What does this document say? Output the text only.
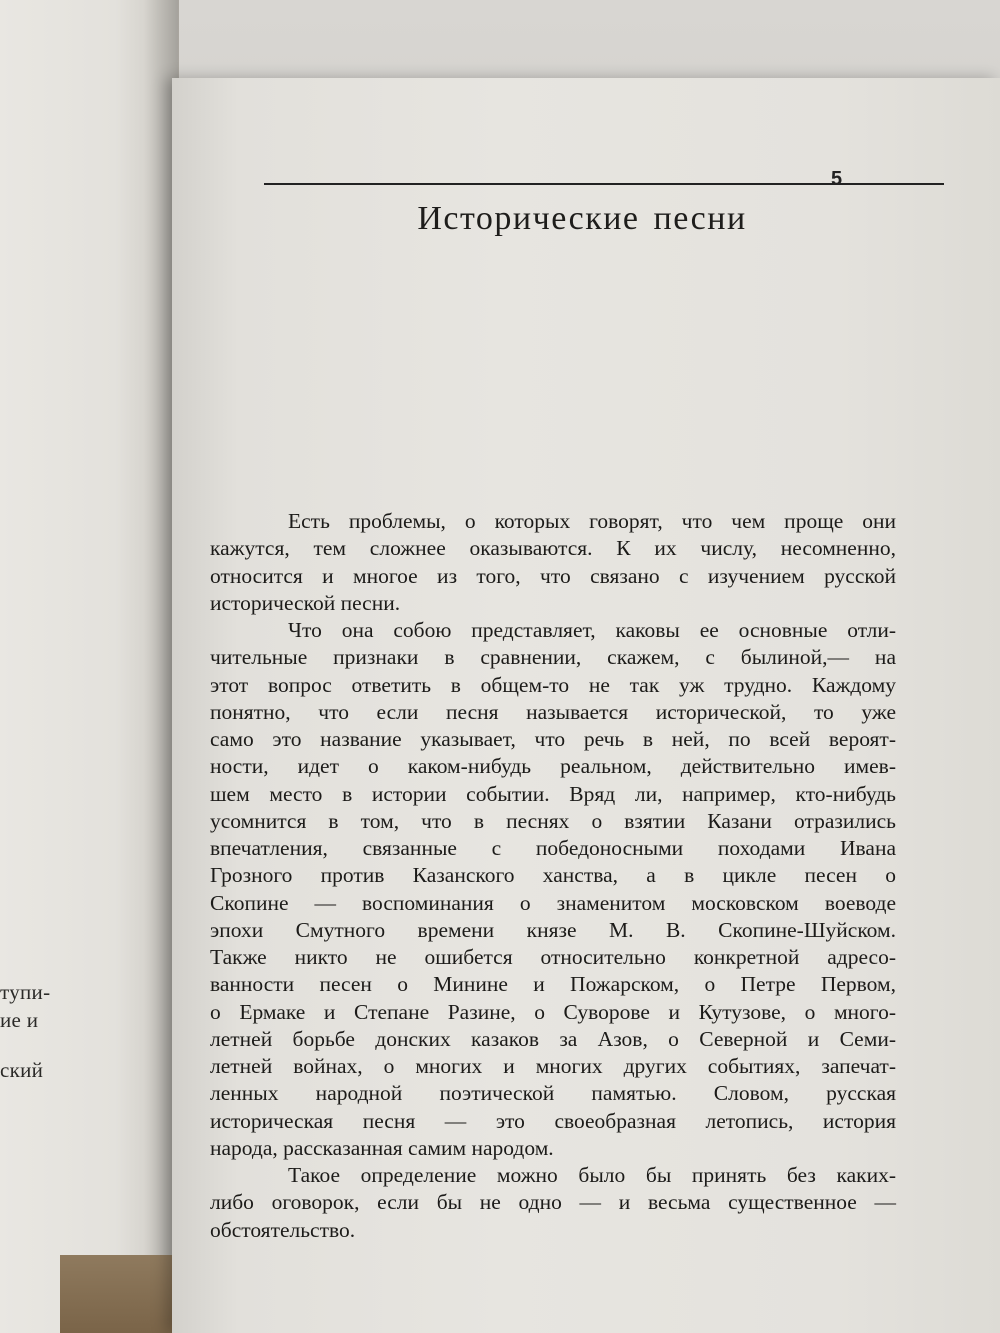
тупи-
ие и
ский
5
Исторические песни
Есть проблемы, о которых говорят, что чем проще они
кажутся, тем сложнее оказываются. К их числу, несомненно,
относится и многое из того, что связано с изучением русской
исторической песни.
Что она собою представляет, каковы ее основные отли-
чительные признаки в сравнении, скажем, с былиной,— на
этот вопрос ответить в общем-то не так уж трудно. Каждому
понятно, что если песня называется исторической, то уже
само это название указывает, что речь в ней, по всей вероят-
ности, идет о каком-нибудь реальном, действительно имев-
шем место в истории событии. Вряд ли, например, кто-нибудь
усомнится в том, что в песнях о взятии Казани отразились
впечатления, связанные с победоносными походами Ивана
Грозного против Казанского ханства, а в цикле песен о
Скопине — воспоминания о знаменитом московском воеводе
эпохи Смутного времени князе М. В. Скопине-Шуйском.
Также никто не ошибется относительно конкретной адресо-
ванности песен о Минине и Пожарском, о Петре Первом,
о Ермаке и Степане Разине, о Суворове и Кутузове, о много-
летней борьбе донских казаков за Азов, о Северной и Семи-
летней войнах, о многих и многих других событиях, запечат-
ленных народной поэтической памятью. Словом, русская
историческая песня — это своеобразная летопись, история
народа, рассказанная самим народом.
Такое определение можно было бы принять без каких-
либо оговорок, если бы не одно — и весьма существенное —
обстоятельство.
